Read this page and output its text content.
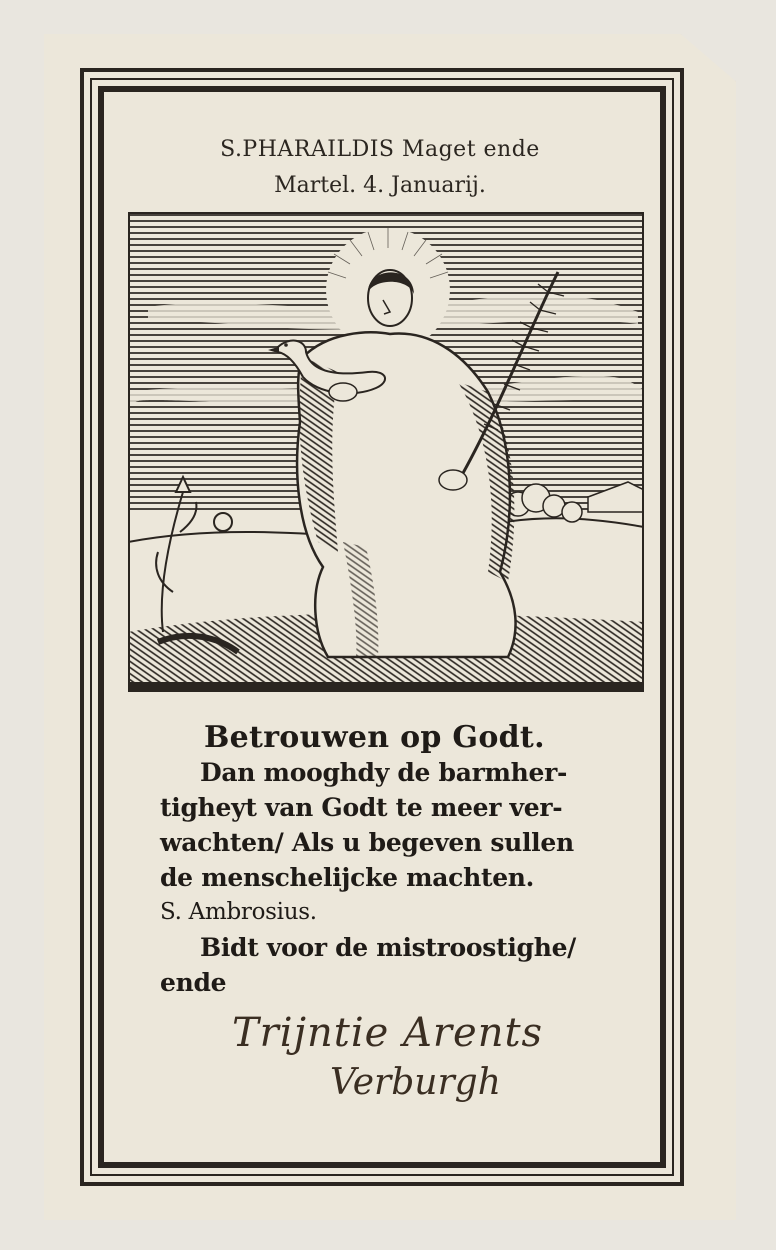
S.PHARAILDIS Maget ende
Martel. 4. Januarij.
Betrouwen op Godt.
Dan mooghdy de barmher-
tigheyt van Godt te meer ver-
wachten/ Als u begeven sullen
de menschelijcke machten.
S. Ambrosius.
Bidt voor de mistroostighe/
ende
Trijntie Arents
Verburgh
